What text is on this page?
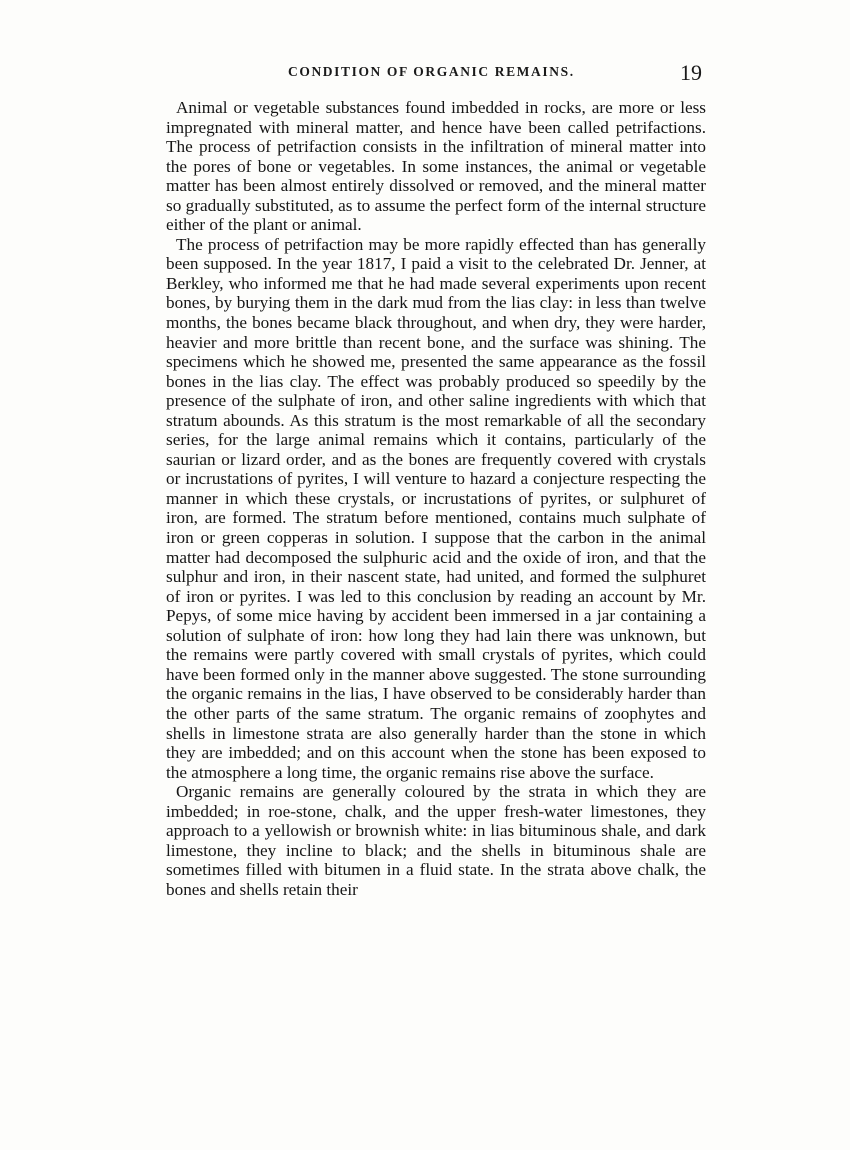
CONDITION OF ORGANIC REMAINS.	19

Animal or vegetable substances found imbedded in rocks, are more or less impregnated with mineral matter, and hence have been called petrifactions. The process of petrifaction consists in the infiltration of mineral matter into the pores of bone or vegetables. In some instances, the animal or vegetable matter has been almost entirely dissolved or removed, and the mineral matter so gradually substituted, as to assume the perfect form of the internal structure either of the plant or animal.

The process of petrifaction may be more rapidly effected than has generally been supposed. In the year 1817, I paid a visit to the celebrated Dr. Jenner, at Berkley, who informed me that he had made several experiments upon recent bones, by burying them in the dark mud from the lias clay: in less than twelve months, the bones became black throughout, and when dry, they were harder, heavier and more brittle than recent bone, and the surface was shining. The specimens which he showed me, presented the same appearance as the fossil bones in the lias clay. The effect was probably produced so speedily by the presence of the sulphate of iron, and other saline ingredients with which that stratum abounds. As this stratum is the most remarkable of all the secondary series, for the large animal remains which it contains, particularly of the saurian or lizard order, and as the bones are frequently covered with crystals or incrustations of pyrites, I will venture to hazard a conjecture respecting the manner in which these crystals, or incrustations of pyrites, or sulphuret of iron, are formed. The stratum before mentioned, contains much sulphate of iron or green copperas in solution. I suppose that the carbon in the animal matter had decomposed the sulphuric acid and the oxide of iron, and that the sulphur and iron, in their nascent state, had united, and formed the sulphuret of iron or pyrites. I was led to this conclusion by reading an account by Mr. Pepys, of some mice having by accident been immersed in a jar containing a solution of sulphate of iron: how long they had lain there was unknown, but the remains were partly covered with small crystals of pyrites, which could have been formed only in the manner above suggested. The stone surrounding the organic remains in the lias, I have observed to be considerably harder than the other parts of the same stratum. The organic remains of zoophytes and shells in limestone strata are also generally harder than the stone in which they are imbedded; and on this account when the stone has been exposed to the atmosphere a long time, the organic remains rise above the surface.

Organic remains are generally coloured by the strata in which they are imbedded; in roe-stone, chalk, and the upper fresh-water limestones, they approach to a yellowish or brownish white: in lias bituminous shale, and dark limestone, they incline to black; and the shells in bituminous shale are sometimes filled with bitumen in a fluid state. In the strata above chalk, the bones and shells retain their
